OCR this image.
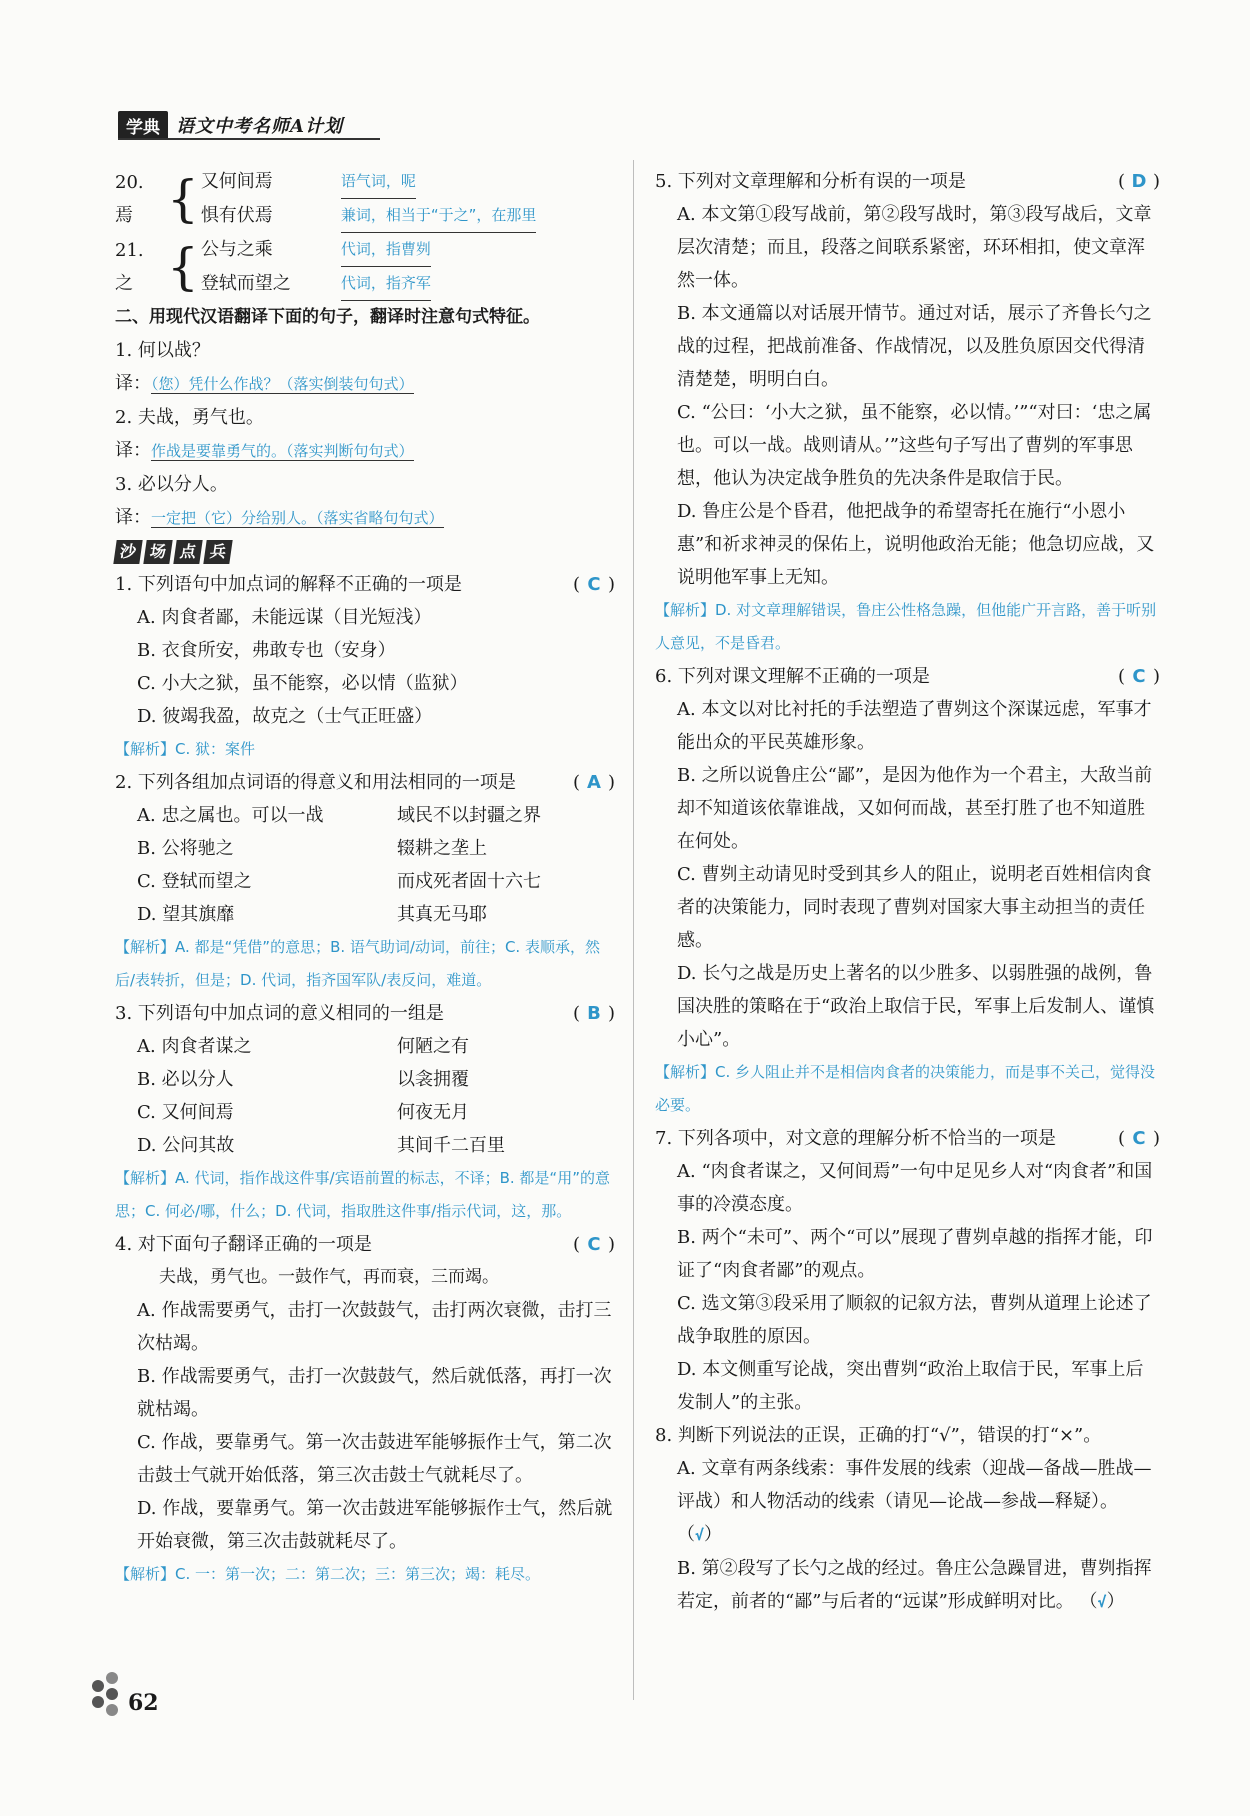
学典 语文中考名师A计划
20. 焉 { 又何间焉	语气词，呢
惧有伏焉	兼词，相当于“于之”，在那里
21. 之 { 公与之乘	代词，指曹刿
登轼而望之	代词，指齐军
二、用现代汉语翻译下面的句子，翻译时注意句式特征。
1. 何以战？
译：（您）凭什么作战？（落实倒装句句式）
2. 夫战，勇气也。
译：作战是要靠勇气的。（落实判断句句式）
3. 必以分人。
译：一定把（它）分给别人。（落实省略句句式）
沙 场 点 兵
1. 下列语句中加点词的解释不正确的一项是	( C )
A. 肉食者鄙，未能远谋（目光短浅）
B. 衣食所安，弗敢专也（安身）
C. 小大之狱，虽不能察，必以情（监狱）
D. 彼竭我盈，故克之（士气正旺盛）
【解析】C. 狱：案件
2. 下列各组加点词语的得意义和用法相同的一项是	( A )
A. 忠之属也。可以一战	域民不以封疆之界
B. 公将驰之	辍耕之垄上
C. 登轼而望之	而戍死者固十六七
D. 望其旗靡	其真无马耶
【解析】A. 都是“凭借”的意思；B. 语气助词/动词，前往；C. 表顺承，然后/表转折，但是；D. 代词，指齐国军队/表反问，难道。
3. 下列语句中加点词的意义相同的一组是	( B )
A. 肉食者谋之	何陋之有
B. 必以分人	以衾拥覆
C. 又何间焉	何夜无月
D. 公问其故	其间千二百里
【解析】A. 代词，指作战这件事/宾语前置的标志，不译；B. 都是“用”的意思；C. 何必/哪，什么；D. 代词，指取胜这件事/指示代词，这，那。
4. 对下面句子翻译正确的一项是	( C )
夫战，勇气也。一鼓作气，再而衰，三而竭。
A. 作战需要勇气，击打一次鼓鼓气，击打两次衰微，击打三次枯竭。
B. 作战需要勇气，击打一次鼓鼓气，然后就低落，再打一次就枯竭。
C. 作战，要靠勇气。第一次击鼓进军能够振作士气，第二次击鼓士气就开始低落，第三次击鼓士气就耗尽了。
D. 作战，要靠勇气。第一次击鼓进军能够振作士气，然后就开始衰微，第三次击鼓就耗尽了。
【解析】C. 一：第一次；二：第二次；三：第三次；竭：耗尽。
5. 下列对文章理解和分析有误的一项是	( D )
A. 本文第①段写战前，第②段写战时，第③段写战后，文章层次清楚；而且，段落之间联系紧密，环环相扣，使文章浑然一体。
B. 本文通篇以对话展开情节。通过对话，展示了齐鲁长勺之战的过程，把战前准备、作战情况，以及胜负原因交代得清清楚楚，明明白白。
C. “公曰：‘小大之狱，虽不能察，必以情。’”“对曰：‘忠之属也。可以一战。战则请从。’”这些句子写出了曹刿的军事思想，他认为决定战争胜负的先决条件是取信于民。
D. 鲁庄公是个昏君，他把战争的希望寄托在施行“小恩小惠”和祈求神灵的保佑上，说明他政治无能；他急切应战，又说明他军事上无知。
【解析】D. 对文章理解错误，鲁庄公性格急躁，但他能广开言路，善于听别人意见，不是昏君。
6. 下列对课文理解不正确的一项是	( C )
A. 本文以对比衬托的手法塑造了曹刿这个深谋远虑，军事才能出众的平民英雄形象。
B. 之所以说鲁庄公“鄙”，是因为他作为一个君主，大敌当前却不知道该依靠谁战，又如何而战，甚至打胜了也不知道胜在何处。
C. 曹刿主动请见时受到其乡人的阻止，说明老百姓相信肉食者的决策能力，同时表现了曹刿对国家大事主动担当的责任感。
D. 长勺之战是历史上著名的以少胜多、以弱胜强的战例，鲁国决胜的策略在于“政治上取信于民，军事上后发制人、谨慎小心”。
【解析】C. 乡人阻止并不是相信肉食者的决策能力，而是事不关己，觉得没必要。
7. 下列各项中，对文意的理解分析不恰当的一项是	( C )
A. “肉食者谋之，又何间焉”一句中足见乡人对“肉食者”和国事的冷漠态度。
B. 两个“未可”、两个“可以”展现了曹刿卓越的指挥才能，印证了“肉食者鄙”的观点。
C. 选文第③段采用了顺叙的记叙方法，曹刿从道理上论述了战争取胜的原因。
D. 本文侧重写论战，突出曹刿“政治上取信于民，军事上后发制人”的主张。
8. 判断下列说法的正误，正确的打“√”，错误的打“×”。
A. 文章有两条线索：事件发展的线索（迎战—备战—胜战—评战）和人物活动的线索（请见—论战—参战—释疑）。 （√）
B. 第②段写了长勺之战的经过。鲁庄公急躁冒进，曹刿指挥若定，前者的“鄙”与后者的“远谋”形成鲜明对比。 （√）
62
